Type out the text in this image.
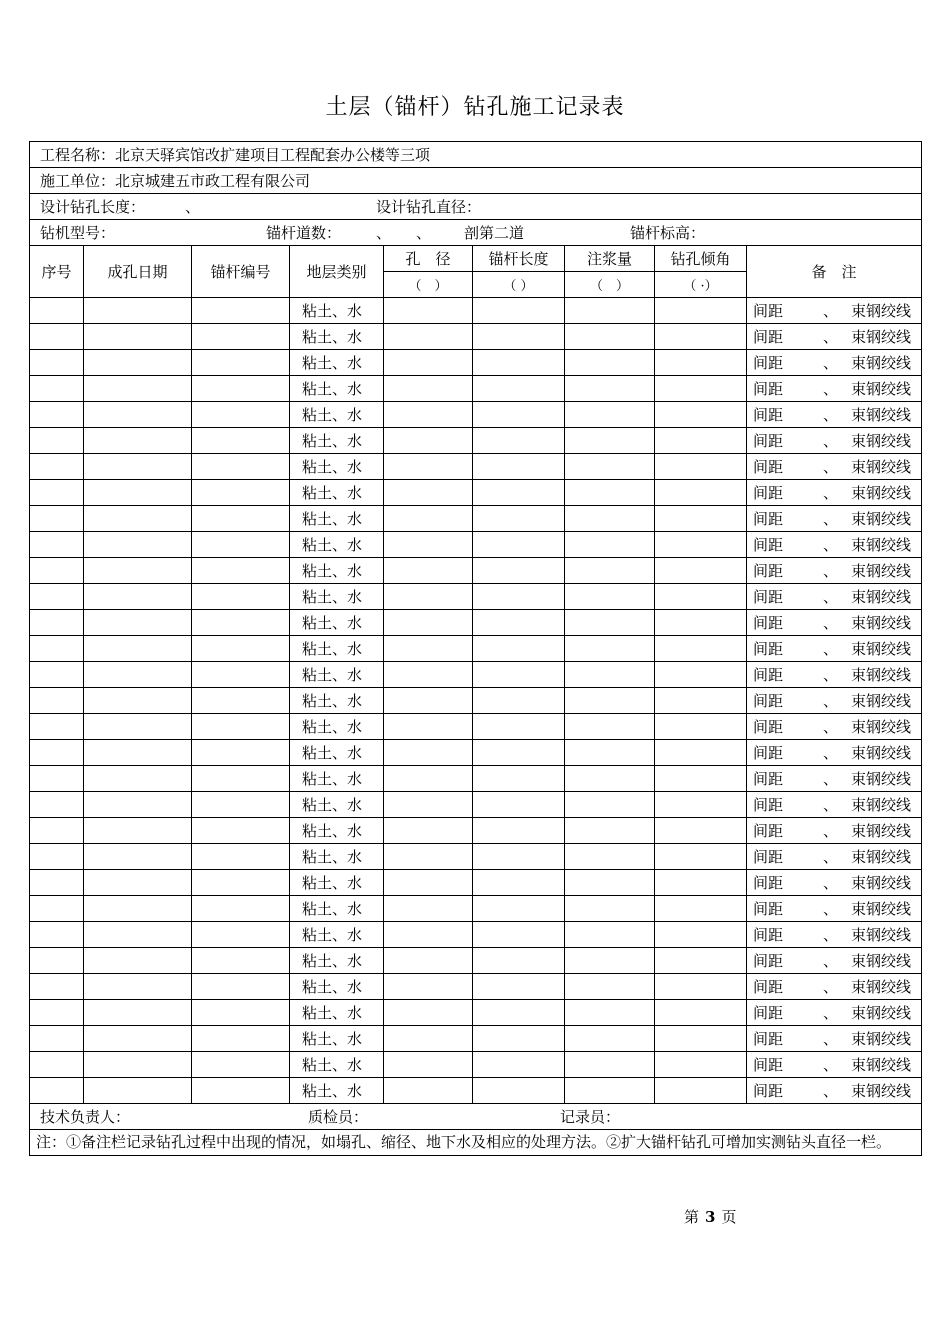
土层（锚杆）钻孔施工记录表
工程名称：北京天驿宾馆改扩建项目工程配套办公楼等三项								
施工单位：北京城建五市政工程有限公司								
设计钻孔长度： 、 设计钻孔直径：								
钻机型号： 锚杆道数： 、 、 剖第二道 锚杆标高：								
序号	成孔日期	锚杆编号	地层类别	孔　径	锚杆长度	注浆量	钻孔倾角	备　注
				（　）	（ ）	（　）	（ ·）	
			粘土、水					间距 、 束钢绞线
			粘土、水					间距 、 束钢绞线
			粘土、水					间距 、 束钢绞线
			粘土、水					间距 、 束钢绞线
			粘土、水					间距 、 束钢绞线
			粘土、水					间距 、 束钢绞线
			粘土、水					间距 、 束钢绞线
			粘土、水					间距 、 束钢绞线
			粘土、水					间距 、 束钢绞线
			粘土、水					间距 、 束钢绞线
			粘土、水					间距 、 束钢绞线
			粘土、水					间距 、 束钢绞线
			粘土、水					间距 、 束钢绞线
			粘土、水					间距 、 束钢绞线
			粘土、水					间距 、 束钢绞线
			粘土、水					间距 、 束钢绞线
			粘土、水					间距 、 束钢绞线
			粘土、水					间距 、 束钢绞线
			粘土、水					间距 、 束钢绞线
			粘土、水					间距 、 束钢绞线
			粘土、水					间距 、 束钢绞线
			粘土、水					间距 、 束钢绞线
			粘土、水					间距 、 束钢绞线
			粘土、水					间距 、 束钢绞线
			粘土、水					间距 、 束钢绞线
			粘土、水					间距 、 束钢绞线
			粘土、水					间距 、 束钢绞线
			粘土、水					间距 、 束钢绞线
			粘土、水					间距 、 束钢绞线
			粘土、水					间距 、 束钢绞线
			粘土、水					间距 、 束钢绞线
技术负责人： 质检员： 记录员：								
注：①备注栏记录钻孔过程中出现的情况，如塌孔、缩径、地下水及相应的处理方法。②扩大锚杆钻孔可增加实测钻头直径一栏。								
第 3 页
